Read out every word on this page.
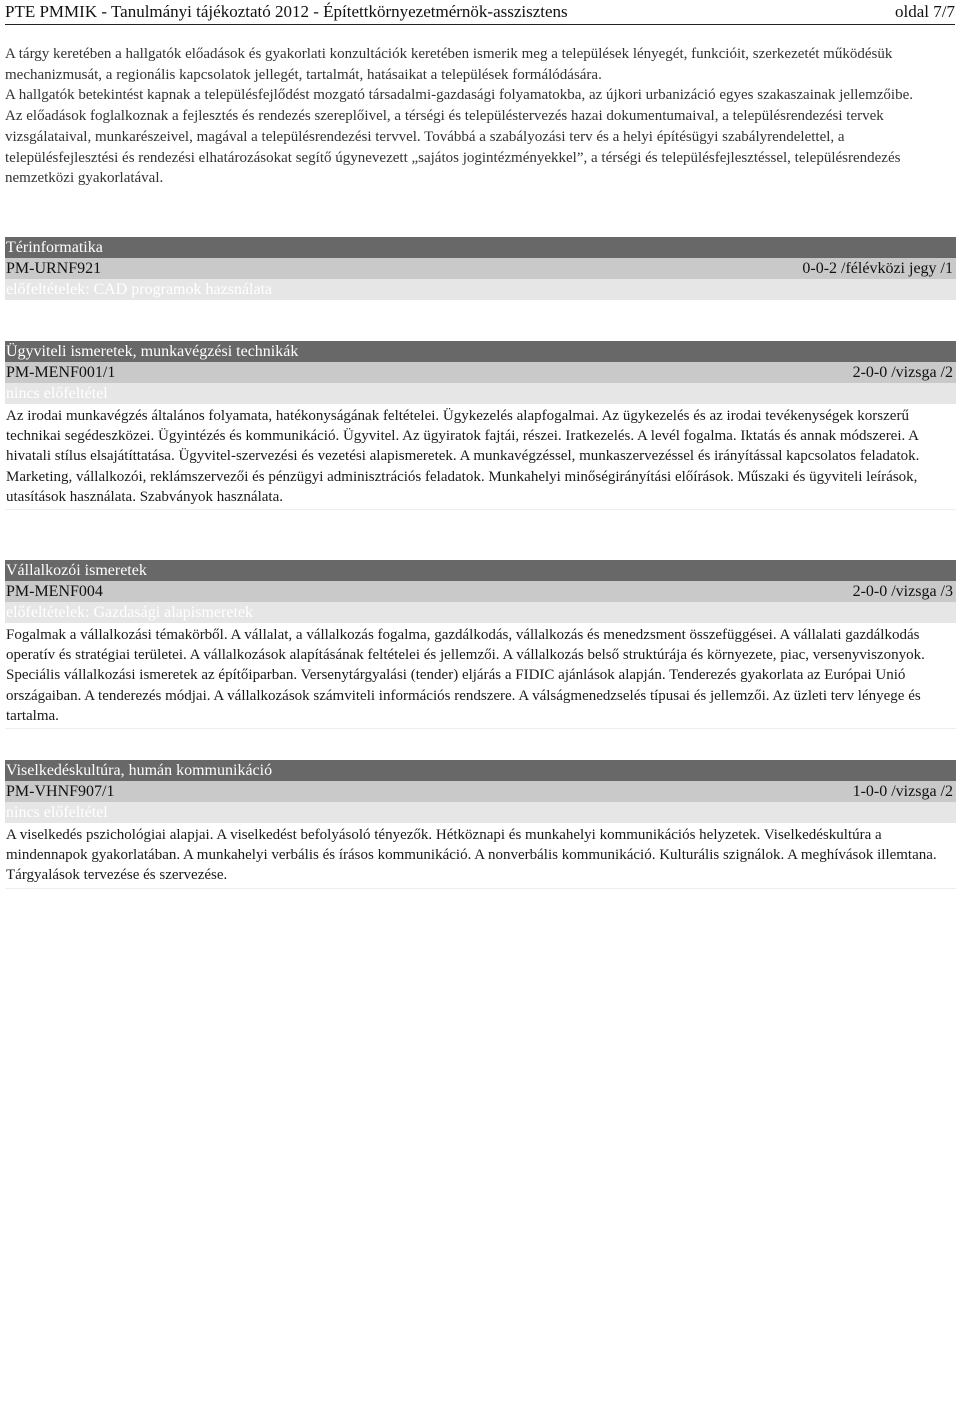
PTE PMMIK - Tanulmányi tájékoztató 2012 - Építettkörnyezetmérnök-asszisztens	oldal 7/7

A tárgy keretében a hallgatók előadások és gyakorlati konzultációk keretében ismerik meg a települések lényegét, funkcióit, szerkezetét működésük mechanizmusát, a regionális kapcsolatok jellegét, tartalmát, hatásaikat a települések formálódására.

A hallgatók betekintést kapnak a településfejlődést mozgató társadalmi-gazdasági folyamatokba, az újkori urbanizáció egyes szakaszainak jellemzőibe.

Az előadások foglalkoznak a fejlesztés és rendezés szereplőivel, a térségi és településtervezés hazai dokumentumaival, a településrendezési tervek vizsgálataival, munkarészeivel, magával a településrendezési tervvel. Továbbá a szabályozási terv és a helyi építésügyi szabályrendelettel, a településfejlesztési és rendezési elhatározásokat segítő úgynevezett „sajátos jogintézményekkel”, a térségi és településfejlesztéssel, településrendezés nemzetközi gyakorlatával.

Térinformatika
PM-URNF921	0-0-2 /félévközi jegy /1
előfeltételek: CAD programok hazsnálata
Ügyviteli ismeretek, munkavégzési technikák
PM-MENF001/1	2-0-0 /vizsga /2
nincs előfeltétel
Az irodai munkavégzés általános folyamata, hatékonyságának feltételei. Ügykezelés alapfogalmai. Az ügykezelés és az irodai tevékenységek korszerű technikai segédeszközei. Ügyintézés és kommunikáció. Ügyvitel. Az ügyiratok fajtái, részei. Iratkezelés. A levél fogalma. Iktatás és annak módszerei. A hivatali stílus elsajátíttatása. Ügyvitel-szervezési és vezetési alapismeretek. A munkavégzéssel, munkaszervezéssel és irányítással kapcsolatos feladatok. Marketing, vállalkozói, reklámszervezői és pénzügyi adminisztrációs feladatok. Munkahelyi minőségirányítási előírások. Műszaki és ügyviteli leírások, utasítások használata. Szabványok használata.
Vállalkozói ismeretek
PM-MENF004	2-0-0 /vizsga /3
előfeltételek: Gazdasági alapismeretek
Fogalmak a vállalkozási témakörből. A vállalat, a vállalkozás fogalma, gazdálkodás, vállalkozás és menedzsment összefüggései. A vállalati gazdálkodás operatív és stratégiai területei. A vállalkozások alapításának feltételei és jellemzői. A vállalkozás belső struktúrája és környezete, piac, versenyviszonyok. Speciális vállalkozási ismeretek az építőiparban. Versenytárgyalási (tender) eljárás a FIDIC ajánlások alapján. Tenderezés gyakorlata az Európai Unió országaiban. A tenderezés módjai. A vállalkozások számviteli információs rendszere. A válságmenedzselés típusai és jellemzői. Az üzleti terv lényege és tartalma.
Viselkedéskultúra, humán kommunikáció
PM-VHNF907/1	1-0-0 /vizsga /2
nincs előfeltétel
A viselkedés pszichológiai alapjai. A viselkedést befolyásoló tényezők. Hétköznapi és munkahelyi kommunikációs helyzetek. Viselkedéskultúra a mindennapok gyakorlatában. A munkahelyi verbális és írásos kommunikáció. A nonverbális kommunikáció. Kulturális szignálok. A meghívások illemtana. Tárgyalások tervezése és szervezése.
